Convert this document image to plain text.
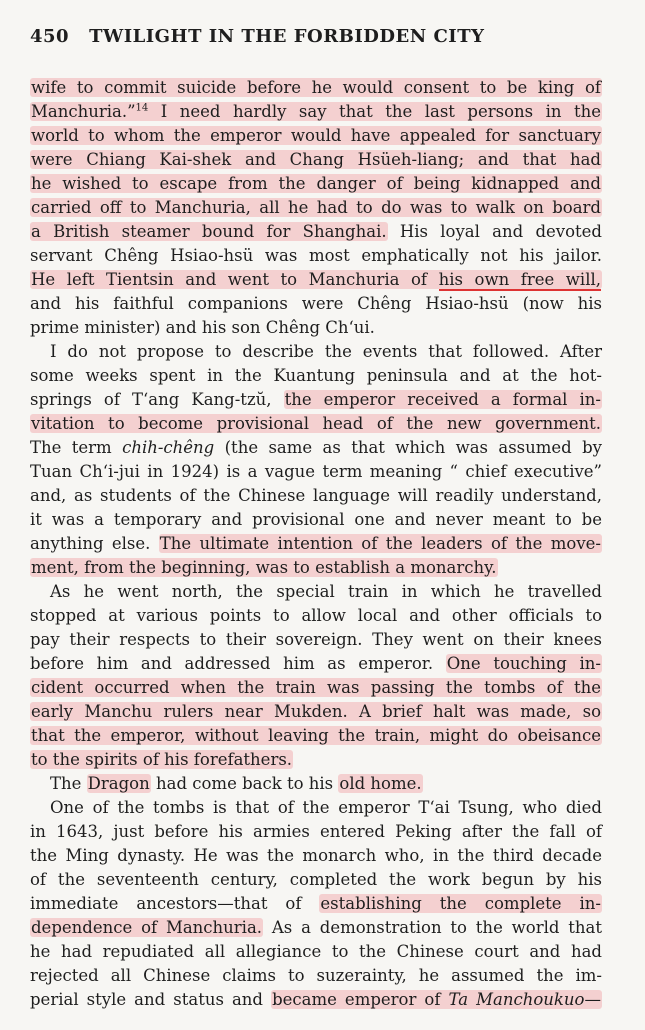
450 TWILIGHT IN THE FORBIDDEN CITY
wife to commit suicide before he would consent to be king of
Manchuria.”$^{14}$ I need hardly say that the last persons in the
world to whom the emperor would have appealed for sanctuary
were Chiang Kai-shek and Chang Hsüeh-liang; and that had
he wished to escape from the danger of being kidnapped and
carried off to Manchuria, all he had to do was to walk on board
a British steamer bound for Shanghai. His loyal and devoted
servant Chêng Hsiao-hsü was most emphatically not his jailor.
He left Tientsin and went to Manchuria of his own free will,
and his faithful companions were Chêng Hsiao-hsü (now his
prime minister) and his son Chêng Ch‘ui.
I do not propose to describe the events that followed. After
some weeks spent in the Kuantung peninsula and at the hot-
springs of T‘ang Kang-tzŭ, the emperor received a formal in-
vitation to become provisional head of the new government.
The term chih-chêng (the same as that which was assumed by
Tuan Ch‘i-jui in 1924) is a vague term meaning “ chief executive”
and, as students of the Chinese language will readily understand,
it was a temporary and provisional one and never meant to be
anything else. The ultimate intention of the leaders of the move-
ment, from the beginning, was to establish a monarchy.
As he went north, the special train in which he travelled
stopped at various points to allow local and other officials to
pay their respects to their sovereign. They went on their knees
before him and addressed him as emperor. One touching in-
cident occurred when the train was passing the tombs of the
early Manchu rulers near Mukden. A brief halt was made, so
that the emperor, without leaving the train, might do obeisance
to the spirits of his forefathers.
The Dragon had come back to his old home.
One of the tombs is that of the emperor T‘ai Tsung, who died
in 1643, just before his armies entered Peking after the fall of
the Ming dynasty. He was the monarch who, in the third decade
of the seventeenth century, completed the work begun by his
immediate ancestors—that of establishing the complete in-
dependence of Manchuria. As a demonstration to the world that
he had repudiated all allegiance to the Chinese court and had
rejected all Chinese claims to suzerainty, he assumed the im-
perial style and status and became emperor of Ta Manchoukuo—
